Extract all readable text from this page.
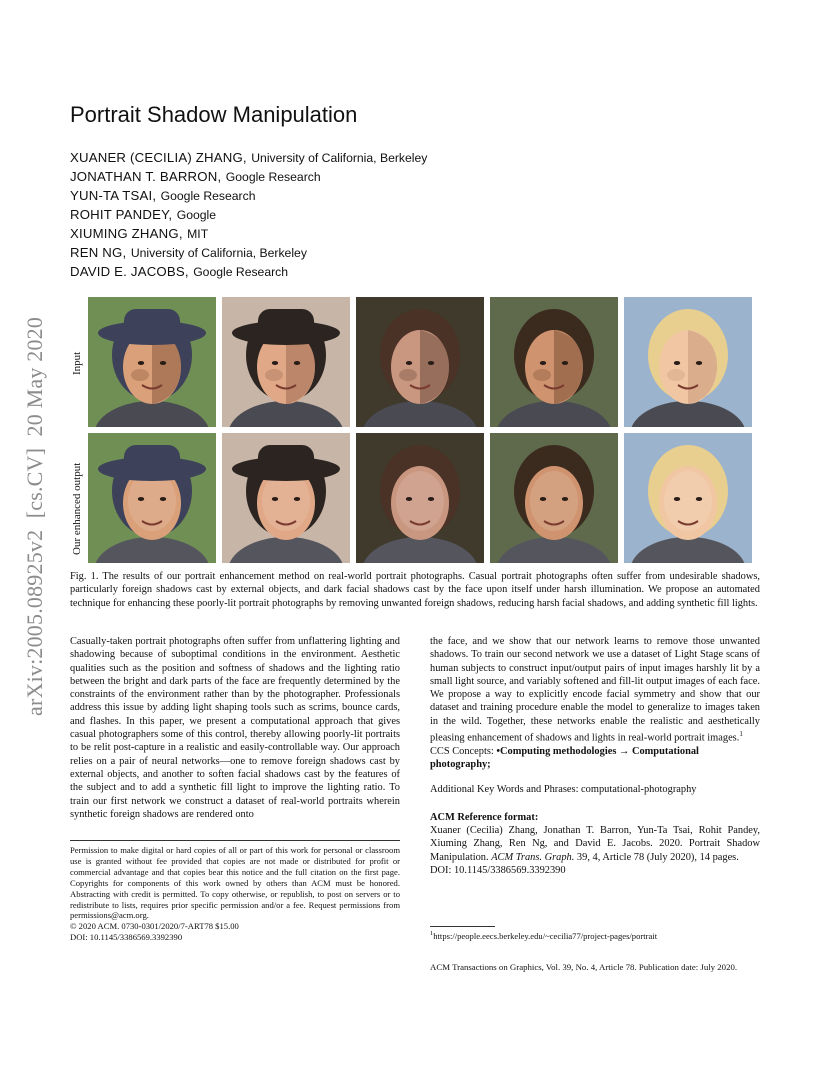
arXiv:2005.08925v2  [cs.CV]  20 May 2020
Portrait Shadow Manipulation
XUANER (CECILIA) ZHANG, University of California, Berkeley
JONATHAN T. BARRON, Google Research
YUN-TA TSAI, Google Research
ROHIT PANDEY, Google
XIUMING ZHANG, MIT
REN NG, University of California, Berkeley
DAVID E. JACOBS, Google Research
Input
Our enhanced output
Fig. 1. The results of our portrait enhancement method on real-world portrait photographs. Casual portrait photographs often suffer from undesirable shadows, particularly foreign shadows cast by external objects, and dark facial shadows cast by the face upon itself under harsh illumination. We propose an automated technique for enhancing these poorly-lit portrait photographs by removing unwanted foreign shadows, reducing harsh facial shadows, and adding synthetic fill lights.

Casually-taken portrait photographs often suffer from unflattering lighting and shadowing because of suboptimal conditions in the environment. Aesthetic qualities such as the position and softness of shadows and the lighting ratio between the bright and dark parts of the face are frequently determined by the constraints of the environment rather than by the photographer. Professionals address this issue by adding light shaping tools such as scrims, bounce cards, and flashes. In this paper, we present a computational approach that gives casual photographers some of this control, thereby allowing poorly-lit portraits to be relit post-capture in a realistic and easily-controllable way. Our approach relies on a pair of neural networks—one to remove foreign shadows cast by external objects, and another to soften facial shadows cast by the features of the subject and to add a synthetic fill light to improve the lighting ratio. To train our first network we construct a dataset of real-world portraits wherein synthetic foreign shadows are rendered onto

the face, and we show that our network learns to remove those unwanted shadows. To train our second network we use a dataset of Light Stage scans of human subjects to construct input/output pairs of input images harshly lit by a small light source, and variably softened and fill-lit output images of each face. We propose a way to explicitly encode facial symmetry and show that our dataset and training procedure enable the model to generalize to images taken in the wild. Together, these networks enable the realistic and aesthetically pleasing enhancement of shadows and lights in real-world portrait images.$^1$

CCS Concepts: •Computing methodologies → Computational photography;

Additional Key Words and Phrases: computational-photography

ACM Reference format:

Xuaner (Cecilia) Zhang, Jonathan T. Barron, Yun-Ta Tsai, Rohit Pandey, Xiuming Zhang, Ren Ng, and David E. Jacobs. 2020. Portrait Shadow Manipulation. ACM Trans. Graph. 39, 4, Article 78 (July 2020), 14 pages.
DOI: 10.1145/3386569.3392390

Permission to make digital or hard copies of all or part of this work for personal or classroom use is granted without fee provided that copies are not made or distributed for profit or commercial advantage and that copies bear this notice and the full citation on the first page. Copyrights for components of this work owned by others than ACM must be honored. Abstracting with credit is permitted. To copy otherwise, or republish, to post on servers or to redistribute to lists, requires prior specific permission and/or a fee. Request permissions from permissions@acm.org.

© 2020 ACM. 0730-0301/2020/7-ART78 $15.00
DOI: 10.1145/3386569.3392390	$^1$https://people.eecs.berkeley.edu/~cecilia77/project-pages/portrait
ACM Transactions on Graphics, Vol. 39, No. 4, Article 78. Publication date: July 2020.
